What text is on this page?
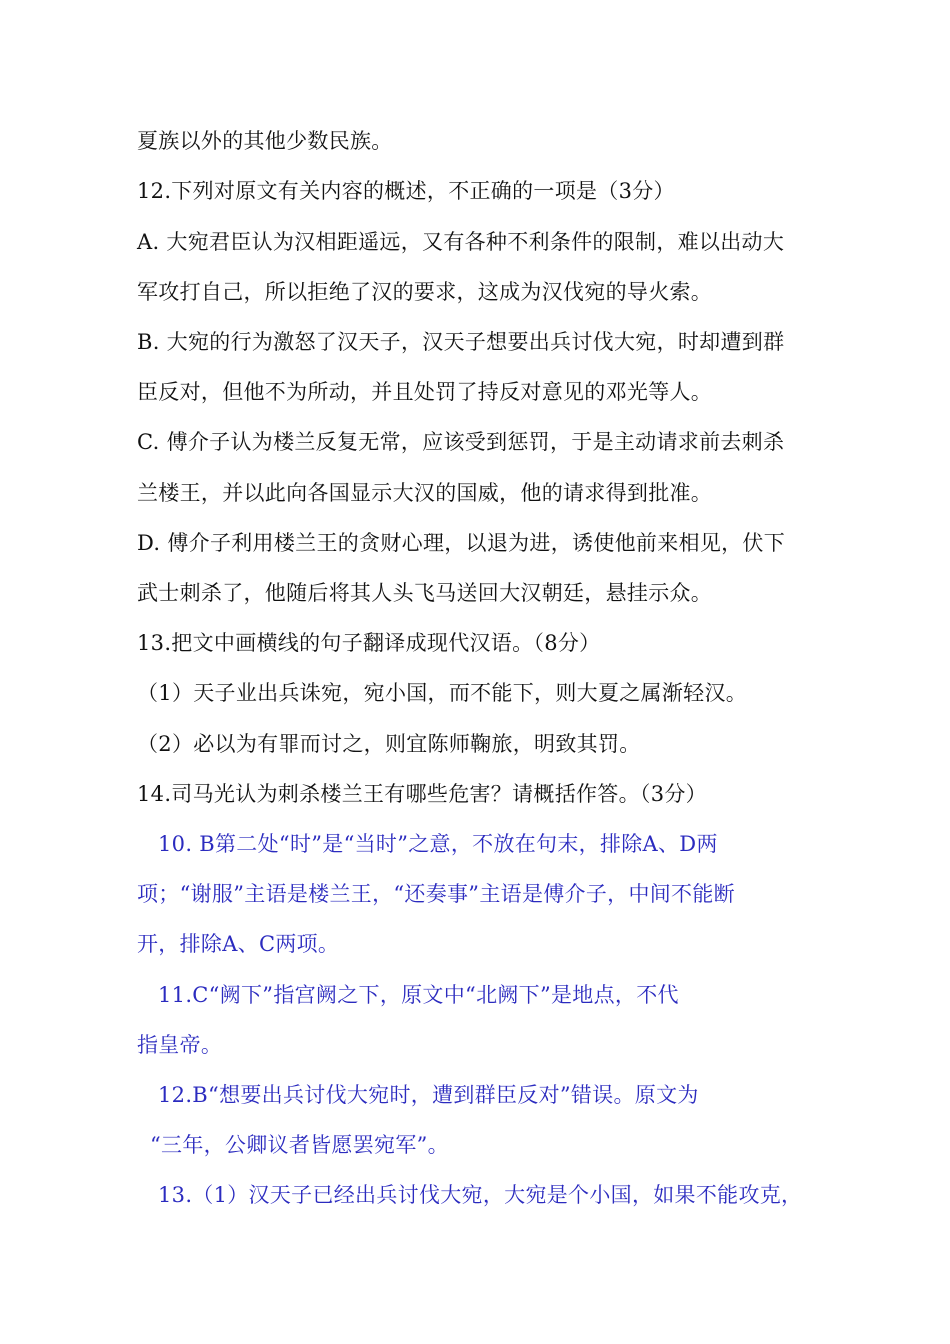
夏族以外的其他少数民族。
12.下列对原文有关内容的概述，不正确的一项是（3分）
A. 大宛君臣认为汉相距遥远，又有各种不利条件的限制，难以出动大
军攻打自己，所以拒绝了汉的要求，这成为汉伐宛的导火索。
B. 大宛的行为激怒了汉天子，汉天子想要出兵讨伐大宛，时却遭到群
臣反对，但他不为所动，并且处罚了持反对意见的邓光等人。
C. 傅介子认为楼兰反复无常，应该受到惩罚，于是主动请求前去刺杀
兰楼王，并以此向各国显示大汉的国威，他的请求得到批准。
D. 傅介子利用楼兰王的贪财心理，以退为进，诱使他前来相见，伏下
武士刺杀了，他随后将其人头飞马送回大汉朝廷，悬挂示众。
13.把文中画横线的句子翻译成现代汉语。（8分）
（1）天子业出兵诛宛，宛小国，而不能下，则大夏之属渐轻汉。
（2）必以为有罪而讨之，则宜陈师鞠旅，明致其罚。
14.司马光认为刺杀楼兰王有哪些危害？请概括作答。（3分）
10. B第二处“时”是“当时”之意，不放在句末，排除A、D两
项；“谢服”主语是楼兰王，“还奏事”主语是傅介子，中间不能断
开，排除A、C两项。
11.C“阙下”指宫阙之下，原文中“北阙下”是地点，不代
指皇帝。
12.B“想要出兵讨伐大宛时，遭到群臣反对”错误。原文为
“三年，公卿议者皆愿罢宛军”。
13.（1）汉天子已经出兵讨伐大宛，大宛是个小国，如果不能攻克，
